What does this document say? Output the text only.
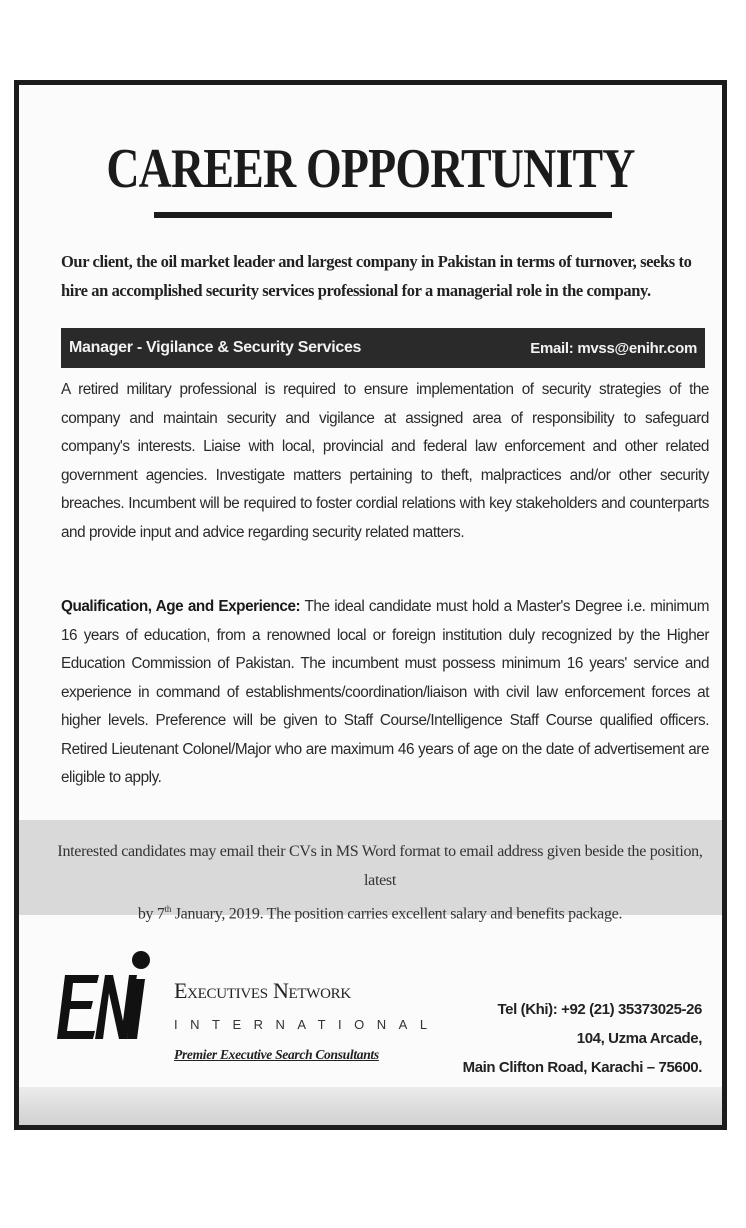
CAREER OPPORTUNITY
Our client, the oil market leader and largest company in Pakistan in terms of turnover, seeks to hire an accomplished security services professional for a managerial role in the company.
Manager - Vigilance & Security Services	Email: mvss@enihr.com
A retired military professional is required to ensure implementation of security strategies of the company and maintain security and vigilance at assigned area of responsibility to safeguard company's interests. Liaise with local, provincial and federal law enforcement and other related government agencies. Investigate matters pertaining to theft, malpractices and/or other security breaches. Incumbent will be required to foster cordial relations with key stakeholders and counterparts and provide input and advice regarding security related matters.
Qualification, Age and Experience: The ideal candidate must hold a Master's Degree i.e. minimum 16 years of education, from a renowned local or foreign institution duly recognized by the Higher Education Commission of Pakistan. The incumbent must possess minimum 16 years' service and experience in command of establishments/coordination/liaison with civil law enforcement forces at higher levels. Preference will be given to Staff Course/Intelligence Staff Course qualified officers. Retired Lieutenant Colonel/Major who are maximum 46 years of age on the date of advertisement are eligible to apply.
Interested candidates may email their CVs in MS Word format to email address given beside the position, latest
by 7th January, 2019. The position carries excellent salary and benefits package.
Executives Network
INTERNATIONAL
Premier Executive Search Consultants
Tel (Khi): +92 (21) 35373025-26
104, Uzma Arcade,
Main Clifton Road, Karachi – 75600.
